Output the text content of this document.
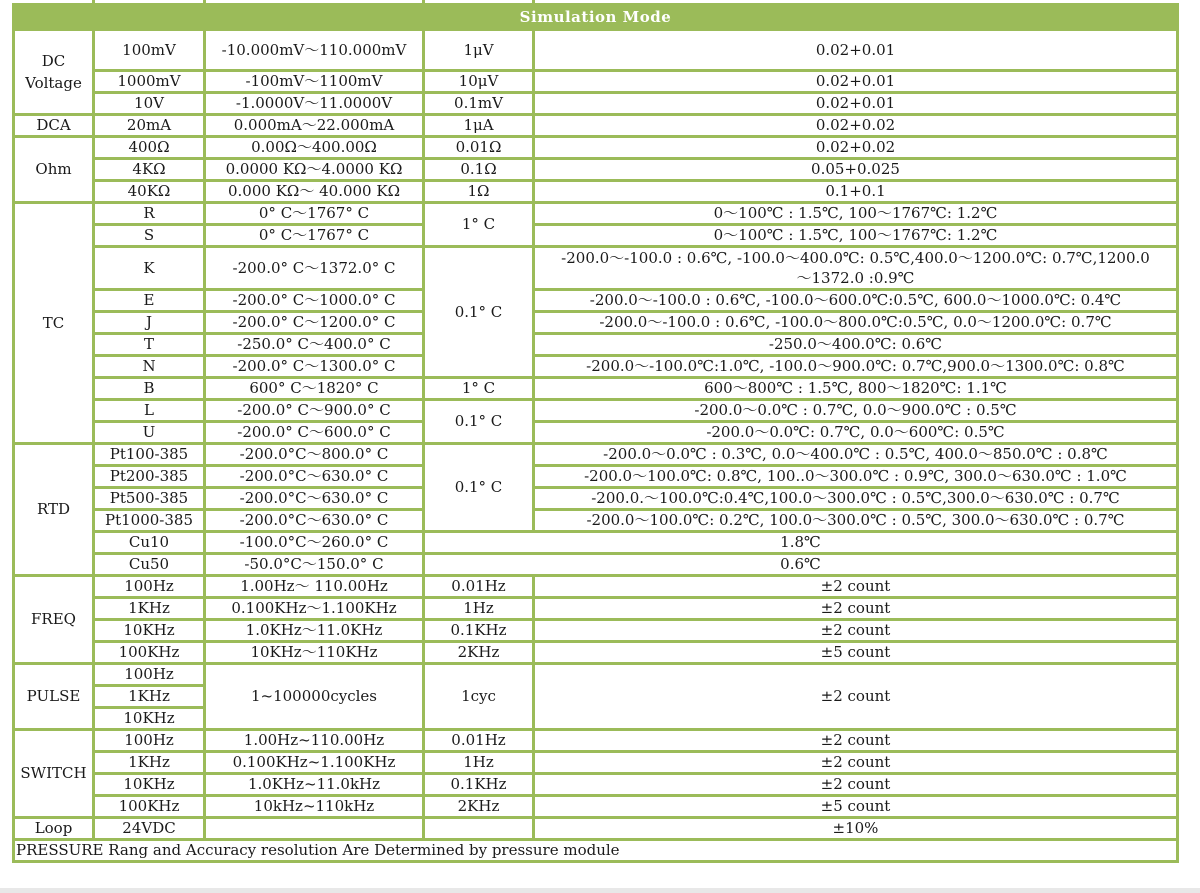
Simulation Mode				
DC
Voltage	100mV	-10.000mV～110.000mV	1μV	0.02+0.01
	1000mV	-100mV～1100mV	10μV	0.02+0.01
	10V	-1.0000V～11.0000V	0.1mV	0.02+0.01
DCA	20mA	0.000mA～22.000mA	1μA	0.02+0.02
Ohm	400Ω	0.00Ω～400.00Ω	0.01Ω	0.02+0.02
	4KΩ	0.0000 KΩ～4.0000 KΩ	0.1Ω	0.05+0.025
	40KΩ	0.000 KΩ～ 40.000 KΩ	1Ω	0.1+0.1
TC	R	0° C～1767° C	1° C	0～100℃ : 1.5℃, 100～1767℃: 1.2℃
	S	0° C～1767° C		0～100℃ : 1.5℃, 100～1767℃: 1.2℃
	K	-200.0° C～1372.0° C	0.1° C	-200.0～-100.0 : 0.6℃, -100.0～400.0℃: 0.5℃,400.0～1200.0℃: 0.7℃,1200.0～1372.0 :0.9℃
	E	-200.0° C～1000.0° C		-200.0～-100.0 : 0.6℃, -100.0～600.0℃:0.5℃, 600.0～1000.0℃: 0.4℃
	J	-200.0° C～1200.0° C		-200.0～-100.0 : 0.6℃, -100.0～800.0℃:0.5℃, 0.0～1200.0℃: 0.7℃
	T	-250.0° C～400.0° C		-250.0～400.0℃: 0.6℃
	N	-200.0° C～1300.0° C		-200.0～-100.0℃:1.0℃, -100.0～900.0℃: 0.7℃,900.0～1300.0℃: 0.8℃
	B	600° C～1820° C	1° C	600～800℃ : 1.5℃, 800～1820℃: 1.1℃
	L	-200.0° C～900.0° C	0.1° C	-200.0～0.0℃ : 0.7℃, 0.0～900.0℃ : 0.5℃
	U	-200.0° C～600.0° C		-200.0～0.0℃: 0.7℃, 0.0～600℃: 0.5℃
RTD	Pt100-385	-200.0°C～800.0° C	0.1° C	-200.0～0.0℃ : 0.3℃, 0.0～400.0℃ : 0.5℃, 400.0～850.0℃ : 0.8℃
	Pt200-385	-200.0°C～630.0° C		-200.0～100.0℃: 0.8℃, 100..0～300.0℃ : 0.9℃, 300.0～630.0℃ : 1.0℃
	Pt500-385	-200.0°C～630.0° C		-200.0.～100.0℃:0.4℃,100.0～300.0℃ : 0.5℃,300.0～630.0℃ : 0.7℃
	Pt1000-385	-200.0°C～630.0° C		-200.0～100.0℃: 0.2℃, 100.0～300.0℃ : 0.5℃, 300.0～630.0℃ : 0.7℃
	Cu10	-100.0°C～260.0° C	1.8℃	
	Cu50	-50.0°C～150.0° C	0.6℃	
FREQ	100Hz	1.00Hz～ 110.00Hz	0.01Hz	±2 count
	1KHz	0.100KHz～1.100KHz	1Hz	±2 count
	10KHz	1.0KHz～11.0KHz	0.1KHz	±2 count
	100KHz	10KHz～110KHz	2KHz	±5 count
PULSE	100Hz	1~100000cycles	1cyc	±2 count
	1KHz			
	10KHz			
SWITCH	100Hz	1.00Hz~110.00Hz	0.01Hz	±2 count
	1KHz	0.100KHz~1.100KHz	1Hz	±2 count
	10KHz	1.0KHz~11.0kHz	0.1KHz	±2 count
	100KHz	10kHz~110kHz	2KHz	±5 count
Loop	24VDC			±10%
PRESSURE Rang and Accuracy resolution Are Determined by pressure module				
